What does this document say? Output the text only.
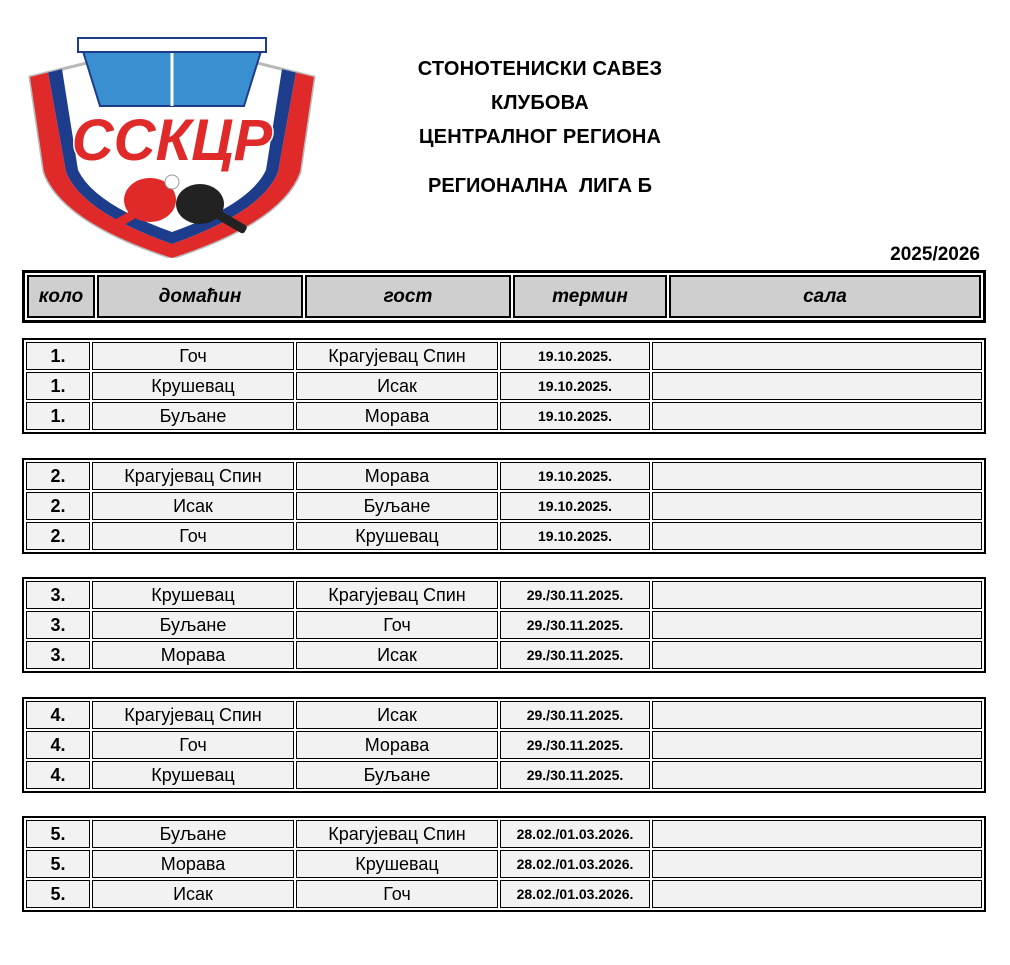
ССКЦР
СТОНОТЕНИСКИ САВЕЗ
КЛУБОВА
ЦЕНТРАЛНОГ РЕГИОНА
РЕГИОНАЛНА  ЛИГА Б
2025/2026
коло	домаћин	гост	термин	сала
1.	Гоч	Крагујевац Спин	19.10.2025.	
1.	Крушевац	Исак	19.10.2025.	
1.	Буљане	Морава	19.10.2025.	
2.	Крагујевац Спин	Морава	19.10.2025.	
2.	Исак	Буљане	19.10.2025.	
2.	Гоч	Крушевац	19.10.2025.	
3.	Крушевац	Крагујевац Спин	29./30.11.2025.	
3.	Буљане	Гоч	29./30.11.2025.	
3.	Морава	Исак	29./30.11.2025.	
4.	Крагујевац Спин	Исак	29./30.11.2025.	
4.	Гоч	Морава	29./30.11.2025.	
4.	Крушевац	Буљане	29./30.11.2025.	
5.	Буљане	Крагујевац Спин	28.02./01.03.2026.	
5.	Морава	Крушевац	28.02./01.03.2026.	
5.	Исак	Гоч	28.02./01.03.2026.	
